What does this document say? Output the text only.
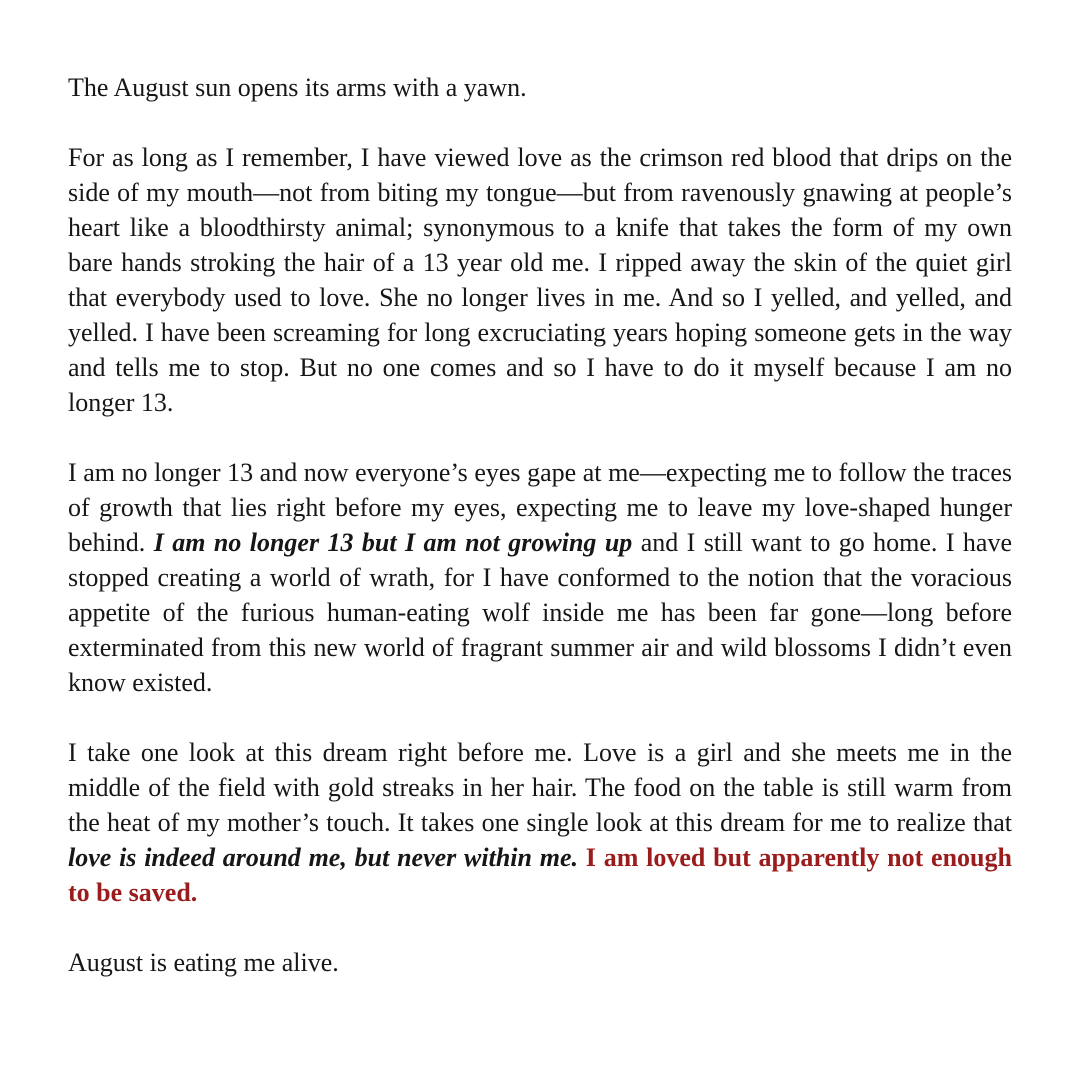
The August sun opens its arms with a yawn.

For as long as I remember, I have viewed love as the crimson red blood that drips on the side of my mouth—not from biting my tongue—but from ravenously gnawing at people’s heart like a bloodthirsty animal; synonymous to a knife that takes the form of my own bare hands stroking the hair of a 13 year old me. I ripped away the skin of the quiet girl that everybody used to love. She no longer lives in me. And so I yelled, and yelled, and yelled. I have been screaming for long excruciating years hoping someone gets in the way and tells me to stop. But no one comes and so I have to do it myself because I am no longer 13.

I am no longer 13 and now everyone’s eyes gape at me—expecting me to follow the traces of growth that lies right before my eyes, expecting me to leave my love-shaped hunger behind. I am no longer 13 but I am not growing up and I still want to go home. I have stopped creating a world of wrath, for I have conformed to the notion that the voracious appetite of the furious human-eating wolf inside me has been far gone—long before exterminated from this new world of fragrant summer air and wild blossoms I didn’t even know existed.

I take one look at this dream right before me. Love is a girl and she meets me in the middle of the field with gold streaks in her hair. The food on the table is still warm from the heat of my mother’s touch. It takes one single look at this dream for me to realize that love is indeed around me, but never within me. I am loved but apparently not enough to be saved.

August is eating me alive.
